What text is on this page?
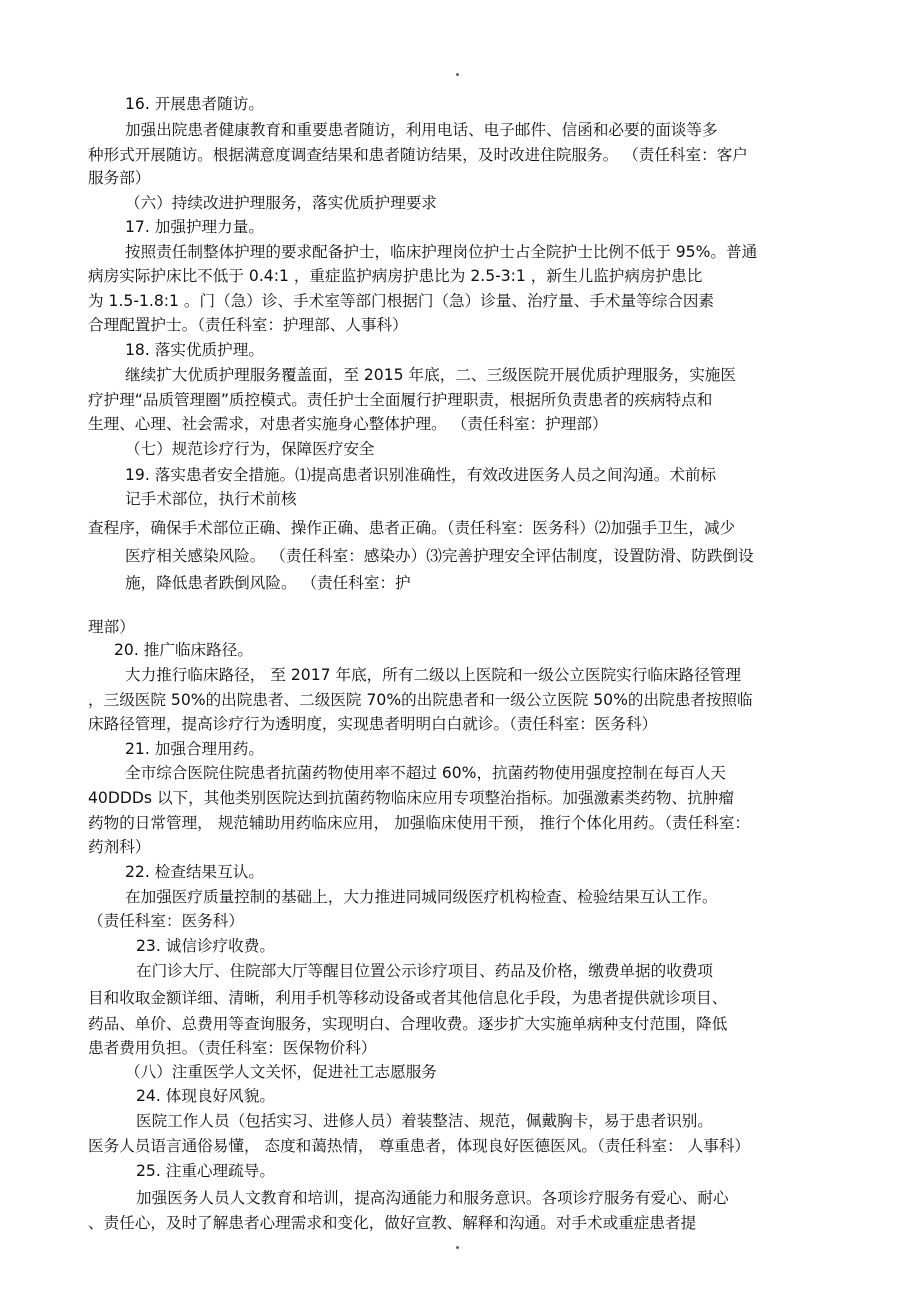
16. 开展患者随访。
加强出院患者健康教育和重要患者随访，利用电话、电子邮件、信函和必要的面谈等多
种形式开展随访。根据满意度调查结果和患者随访结果，及时改进住院服务。 （责任科室：客户
服务部）
（六）持续改进护理服务，落实优质护理要求
17. 加强护理力量。
按照责任制整体护理的要求配备护士，临床护理岗位护士占全院护士比例不低于 95%。普通
病房实际护床比不低于 0.4:1 ，重症监护病房护患比为 2.5-3:1 ，新生儿监护病房护患比
为 1.5-1.8:1 。门（急）诊、手术室等部门根据门（急）诊量、治疗量、手术量等综合因素
合理配置护士。（责任科室：护理部、人事科）
18. 落实优质护理。
继续扩大优质护理服务覆盖面，至 2015 年底，二、三级医院开展优质护理服务，实施医
疗护理“品质管理圈”质控模式。责任护士全面履行护理职责，根据所负责患者的疾病特点和
生理、心理、社会需求，对患者实施身心整体护理。 （责任科室：护理部）
（七）规范诊疗行为，保障医疗安全
19. 落实患者安全措施。⑴提高患者识别准确性，有效改进医务人员之间沟通。术前标
记手术部位，执行术前核
查程序，确保手术部位正确、操作正确、患者正确。（责任科室：医务科）⑵加强手卫生，减少
医疗相关感染风险。 （责任科室：感染办）⑶完善护理安全评估制度，设置防滑、防跌倒设
施，降低患者跌倒风险。 （责任科室：护
理部）
20. 推广临床路径。
大力推行临床路径， 至 2017 年底，所有二级以上医院和一级公立医院实行临床路径管理
，三级医院 50%的出院患者、二级医院 70%的出院患者和一级公立医院 50%的出院患者按照临
床路径管理，提高诊疗行为透明度，实现患者明明白白就诊。（责任科室：医务科）
21. 加强合理用药。
全市综合医院住院患者抗菌药物使用率不超过 60%，抗菌药物使用强度控制在每百人天
40DDDs 以下，其他类别医院达到抗菌药物临床应用专项整治指标。加强激素类药物、抗肿瘤
药物的日常管理， 规范辅助用药临床应用， 加强临床使用干预， 推行个体化用药。（责任科室：
药剂科）
22. 检查结果互认。
在加强医疗质量控制的基础上，大力推进同城同级医疗机构检查、检验结果互认工作。
（责任科室：医务科）
23. 诚信诊疗收费。
在门诊大厅、住院部大厅等醒目位置公示诊疗项目、药品及价格，缴费单据的收费项
目和收取金额详细、清晰，利用手机等移动设备或者其他信息化手段，为患者提供就诊项目、
药品、单价、总费用等查询服务，实现明白、合理收费。逐步扩大实施单病种支付范围，降低
患者费用负担。（责任科室：医保物价科）
（八）注重医学人文关怀，促进社工志愿服务
24. 体现良好风貌。
医院工作人员（包括实习、进修人员）着装整洁、规范，佩戴胸卡，易于患者识别。
医务人员语言通俗易懂， 态度和蔼热情， 尊重患者，体现良好医德医风。（责任科室： 人事科）
25. 注重心理疏导。
加强医务人员人文教育和培训，提高沟通能力和服务意识。各项诊疗服务有爱心、耐心
、责任心，及时了解患者心理需求和变化，做好宣教、解释和沟通。对手术或重症患者提
